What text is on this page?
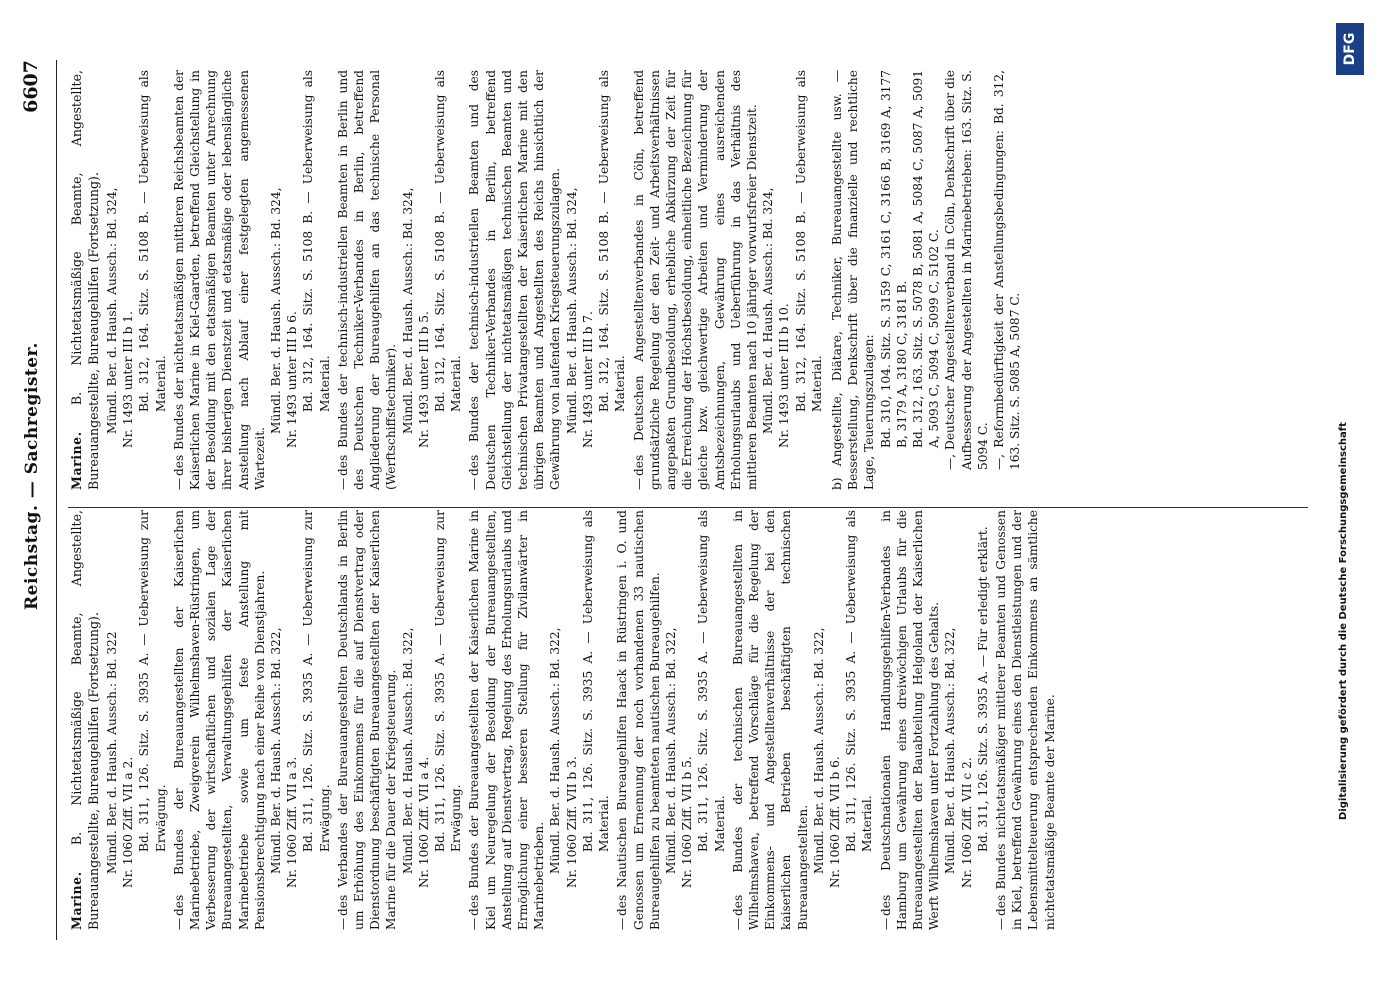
Reichstag. — Sachregister.
6607
Marine. B. Nichtetatsmäßige Beamte, Angestellte, Bureauangestellte, Bureaugehilfen (Fortsetzung). Mündl. Ber. d. Haush. Aussch.: Bd. 322 Nr. 1060 Ziff. VII a 2. Bd. 311, 126. Sitz. S. 3935 A. — Ueberweisung zur Erwägung.
—des Bundes der Bureauangestellten der Kaiserlichen Marinebetriebe, Zweigverein Wilhelmshaven-Rüstringen, um Verbesserung der wirtschaftlichen und sozialen Lage der Bureauangestellten, Verwaltungsgehilfen der Kaiserlichen Marinebetriebe sowie um feste Anstellung mit Pensionsberechtigung nach einer Reihe von Dienstjahren. Mündl. Ber. d. Haush. Aussch.: Bd. 322, Nr. 1060 Ziff. VII a 3. Bd. 311, 126. Sitz. S. 3935 A. — Ueberweisung zur Erwägung.
—des Verbandes der Bureauangestellten Deutschlands in Berlin um Erhöhung des Einkommens für die auf Dienstvertrag oder Dienstordnung beschäftigten Bureauangestellten der Kaiserlichen Marine für die Dauer der Kriegsteuerung. Mündl. Ber. d. Haush. Aussch.: Bd. 322, Nr. 1060 Ziff. VII a 4. Bd. 311, 126. Sitz. S. 3935 A. — Ueberweisung zur Erwägung.
—des Bundes der Bureauangestellten der Kaiserlichen Marine in Kiel um Neuregelung der Besoldung der Bureauangestellten, Anstellung auf Dienstvertrag, Regelung des Erholungsurlaubs und Ermöglichung einer besseren Stellung für Zivilanwärter in Marinebetrieben.
Mündl. Ber. d. Haush. Aussch.: Bd. 322, Nr. 1060 Ziff. VII b 3. Bd. 311, 126. Sitz. S. 3935 A. — Ueberweisung als Material.
—des Nautischen Bureaugehilfen Haack in Rüstringen i. O. und Genossen um Ernennung der noch vorhandenen 33 nautischen Bureaugehilfen zu beamteten nautischen Bureaugehilfen. Mündl. Ber. d. Haush. Aussch.: Bd. 322, Nr. 1060 Ziff. VII b 5. Bd. 311, 126. Sitz. S. 3935 A. — Ueberweisung als Material.
—des Bundes der technischen Bureauangestellten in Wilhelmshaven, betreffend Vorschläge für die Regelung der Einkommens- und Angestelltenverhältnisse der bei den kaiserlichen Betrieben beschäftigten technischen Bureauangestellten. Mündl. Ber. d. Haush. Aussch.: Bd. 322, Nr. 1060 Ziff. VII b 6. Bd. 311, 126. Sitz. S. 3935 A. — Ueberweisung als Material.
—des Deutschnationalen Handlungsgehilfen-Verbandes in Hamburg um Gewährung eines dreiwöchigen Urlaubs für die Bureauangestellten der Bauabteilung Helgoland der Kaiserlichen Werft Wilhelmshaven unter Fortzahlung des Gehalts. Mündl. Ber. d. Haush. Aussch.: Bd. 322, Nr. 1060 Ziff. VII c 2. Bd. 311, 126. Sitz. S. 3935 A. — Für erledigt erklärt.
—des Bundes nichtetatsmäßiger mittlerer Beamten und Genossen in Kiel, betreffend Gewährung eines den Dienstleistungen und der Lebensmittelteuerung entsprechenden Einkommens an sämtliche nichtetatsmäßige Beamte der Marine.
Marine. B. Nichtetatsmäßige Beamte, Angestellte, Bureauangestellte, Bureaugehilfen (Fortsetzung). Mündl. Ber. d. Haush. Aussch.: Bd. 324, Nr. 1493 unter III b 1. Bd. 312, 164. Sitz. S. 5108 B. — Ueberweisung als Material.
—des Bundes der nichtetatsmäßigen mittleren Reichsbeamten der Kaiserlichen Marine in Kiel-Gaarden, betreffend Gleichstellung in der Besoldung mit den etatsmäßigen Beamten unter Anrechnung ihrer bisherigen Dienstzeit und etatsmäßige oder lebenslängliche Anstellung nach Ablauf einer festgelegten angemessenen Wartezeit.
Mündl. Ber. d. Haush. Aussch.: Bd. 324, Nr. 1493 unter III b 6. Bd. 312, 164. Sitz. S. 5108 B. — Ueberweisung als Material.
—des Bundes der technisch-industriellen Beamten in Berlin und des Deutschen Techniker-Verbandes in Berlin, betreffend Angliederung der Bureaugehilfen an das technische Personal (Werftschiffstechniker). Mündl. Ber. d. Haush. Aussch.: Bd. 324, Nr. 1493 unter III b 5. Bd. 312, 164. Sitz. S. 5108 B. — Ueberweisung als Material.
—des Bundes der technisch-industriellen Beamten und des Deutschen Techniker-Verbandes in Berlin, betreffend Gleichstellung der nichtetatsmäßigen technischen Beamten und technischen Privatangestellten der Kaiserlichen Marine mit den übrigen Beamten und Angestellten des Reichs hinsichtlich der Gewährung von laufenden Kriegsteuerungszulagen. Mündl. Ber. d. Haush. Aussch.: Bd. 324, Nr. 1493 unter III b 7. Bd. 312, 164. Sitz. S. 5108 B. — Ueberweisung als Material.
—des Deutschen Angestelltenverbandes in Cöln, betreffend grundsätzliche Regelung der den Zeit- und Arbeitsverhältnissen angepaßten Grundbesoldung, erhebliche Abkürzung der Zeit für die Erreichung der Höchstbesoldung, einheitliche Bezeichnung für gleiche bzw. gleichwertige Arbeiten und Verminderung der Amtsbezeichnungen, Gewährung eines ausreichenden Erholungsurlaubs und Ueberführung in das Verhältnis des mittleren Beamten nach 10 jähriger vorwurfsfreier Dienstzeit. Mündl. Ber. d. Haush. Aussch.: Bd. 324, Nr. 1493 unter III b 10. Bd. 312, 164. Sitz. S. 5108 B. — Ueberweisung als Material.
b) Angestellte, Diätare, Techniker, Bureauangestellte usw. — Besserstellung, Denkschrift über die finanzielle und rechtliche Lage, Teuerungszulagen: Bd. 310, 104. Sitz. S. 3159 C, 3161 C, 3166 B, 3169 A, 3177 B, 3179 A, 3180 C, 3181 B. Bd. 312, 163. Sitz. S. 5078 B, 5081 A, 5084 C, 5087 A, 5091 A, 5093 C, 5094 C, 5099 C, 5102 C. —, Deutscher Angestelltenverband in Cöln, Denkschrift über die Aufbesserung der Angestellten in Marinebetrieben: 163. Sitz. S. 5094 C. —, Reformbedürftigkeit der Anstellungsbedingungen: Bd. 312, 163. Sitz. S. 5085 A, 5087 C.
Digitalisierung gefördert durch die Deutsche Forschungsgemeinschaft
DFG
